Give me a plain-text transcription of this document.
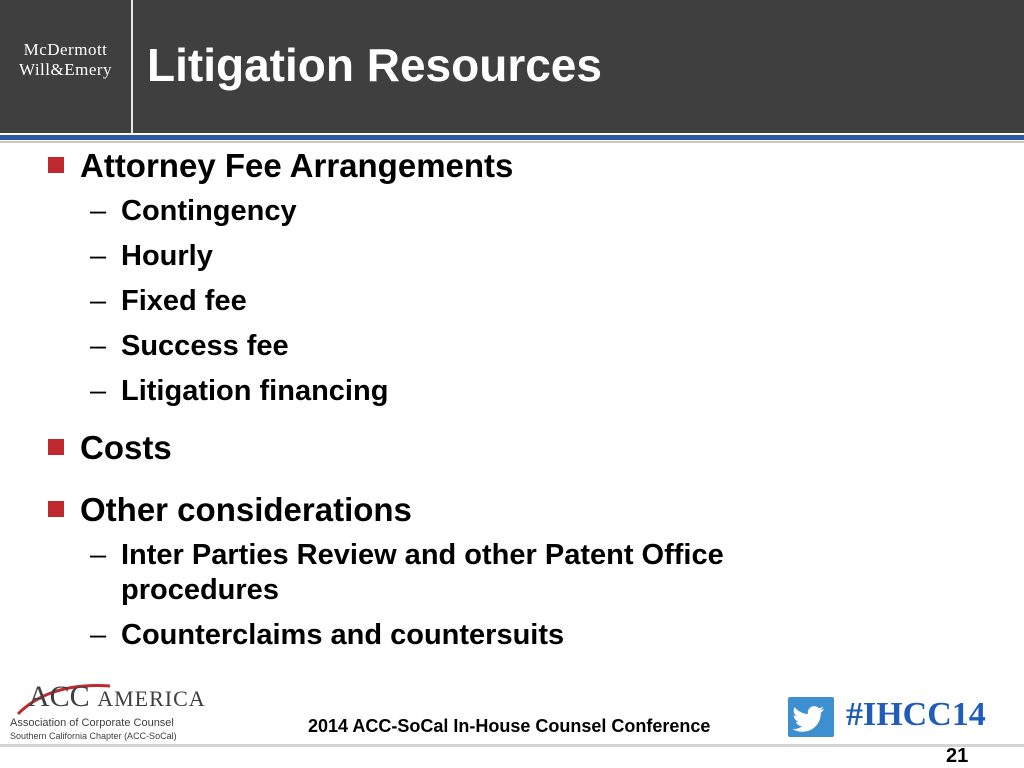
McDermott
Will&Emery Litigation Resources
Attorney Fee Arrangements
– Contingency
– Hourly
– Fixed fee
– Success fee
– Litigation financing
Costs
Other considerations
– Inter Parties Review and other Patent Office procedures
– Counterclaims and countersuits
ACC AMERICA
Association of Corporate Counsel
Southern California Chapter (ACC-SoCal)	2014 ACC-SoCal In-House Counsel Conference	#IHCC14
21
